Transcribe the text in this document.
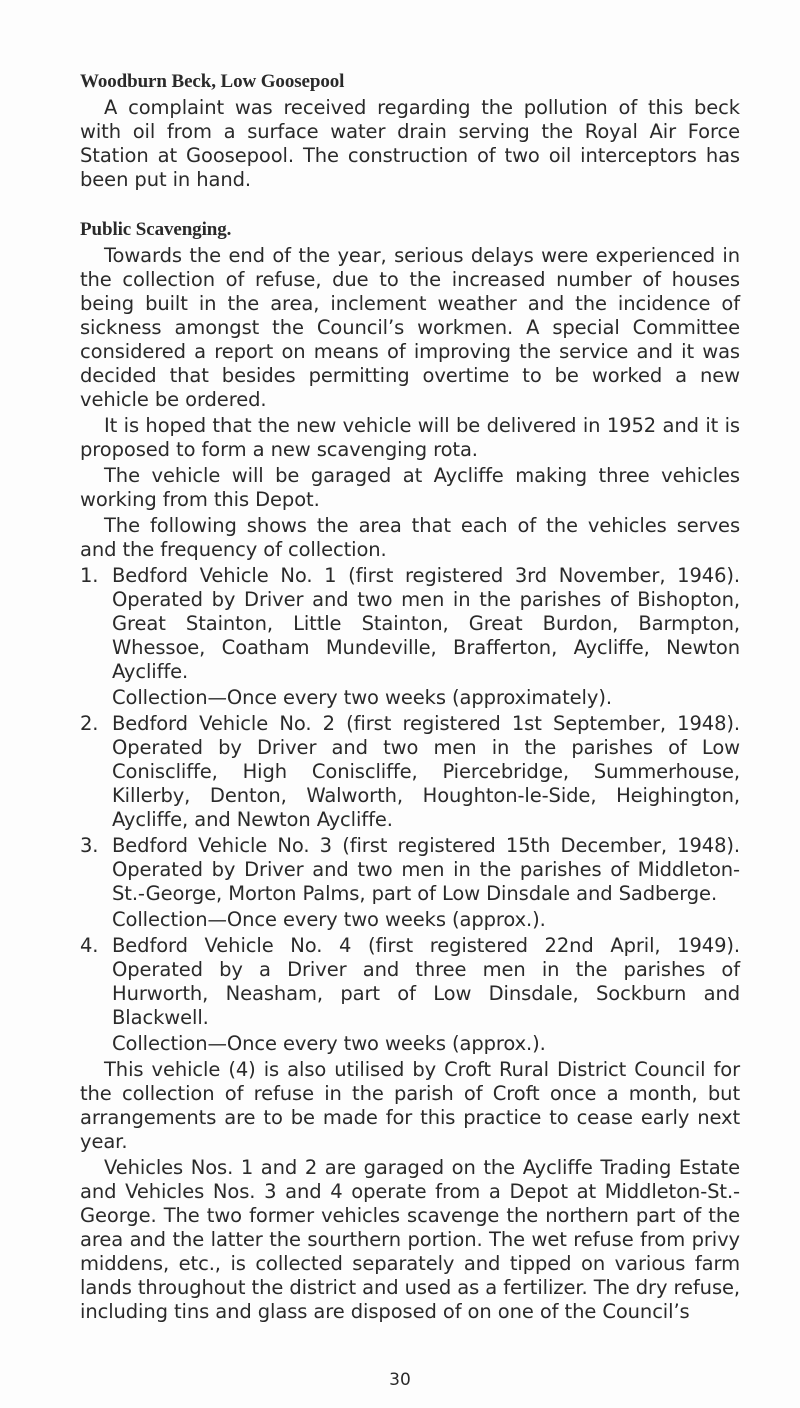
Woodburn Beck, Low Goosepool

A complaint was received regarding the pollution of this beck with oil from a surface water drain serving the Royal Air Force Station at Goosepool. The construction of two oil interceptors has been put in hand.

Public Scavenging.

Towards the end of the year, serious delays were experienced in the collection of refuse, due to the increased number of houses being built in the area, inclement weather and the incidence of sickness amongst the Council’s workmen. A special Committee considered a report on means of improving the service and it was decided that besides permitting overtime to be worked a new vehicle be ordered.

It is hoped that the new vehicle will be delivered in 1952 and it is proposed to form a new scavenging rota.

The vehicle will be garaged at Aycliffe making three vehicles working from this Depot.

The following shows the area that each of the vehicles serves and the frequency of collection.

1. Bedford Vehicle No. 1 (first registered 3rd November, 1946). Operated by Driver and two men in the parishes of Bishopton, Great Stainton, Little Stainton, Great Burdon, Barmpton, Whessoe, Coatham Mundeville, Brafferton, Aycliffe, Newton Aycliffe.
Collection—Once every two weeks (approximately).
2. Bedford Vehicle No. 2 (first registered 1st September, 1948). Operated by Driver and two men in the parishes of Low Coniscliffe, High Coniscliffe, Piercebridge, Summerhouse, Killerby, Denton, Walworth, Houghton-le-Side, Heighington, Aycliffe, and Newton Aycliffe.
3. Bedford Vehicle No. 3 (first registered 15th December, 1948). Operated by Driver and two men in the parishes of Middleton-St.-George, Morton Palms, part of Low Dinsdale and Sadberge.
Collection—Once every two weeks (approx.).
4. Bedford Vehicle No. 4 (first registered 22nd April, 1949). Operated by a Driver and three men in the parishes of Hurworth, Neasham, part of Low Dinsdale, Sockburn and Blackwell.
Collection—Once every two weeks (approx.).

This vehicle (4) is also utilised by Croft Rural District Council for the collection of refuse in the parish of Croft once a month, but arrangements are to be made for this practice to cease early next year.

Vehicles Nos. 1 and 2 are garaged on the Aycliffe Trading Estate and Vehicles Nos. 3 and 4 operate from a Depot at Middleton-St.-George. The two former vehicles scavenge the northern part of the area and the latter the sourthern portion. The wet refuse from privy middens, etc., is collected separately and tipped on various farm lands throughout the district and used as a fertilizer. The dry refuse, including tins and glass are disposed of on one of the Council’s

30
